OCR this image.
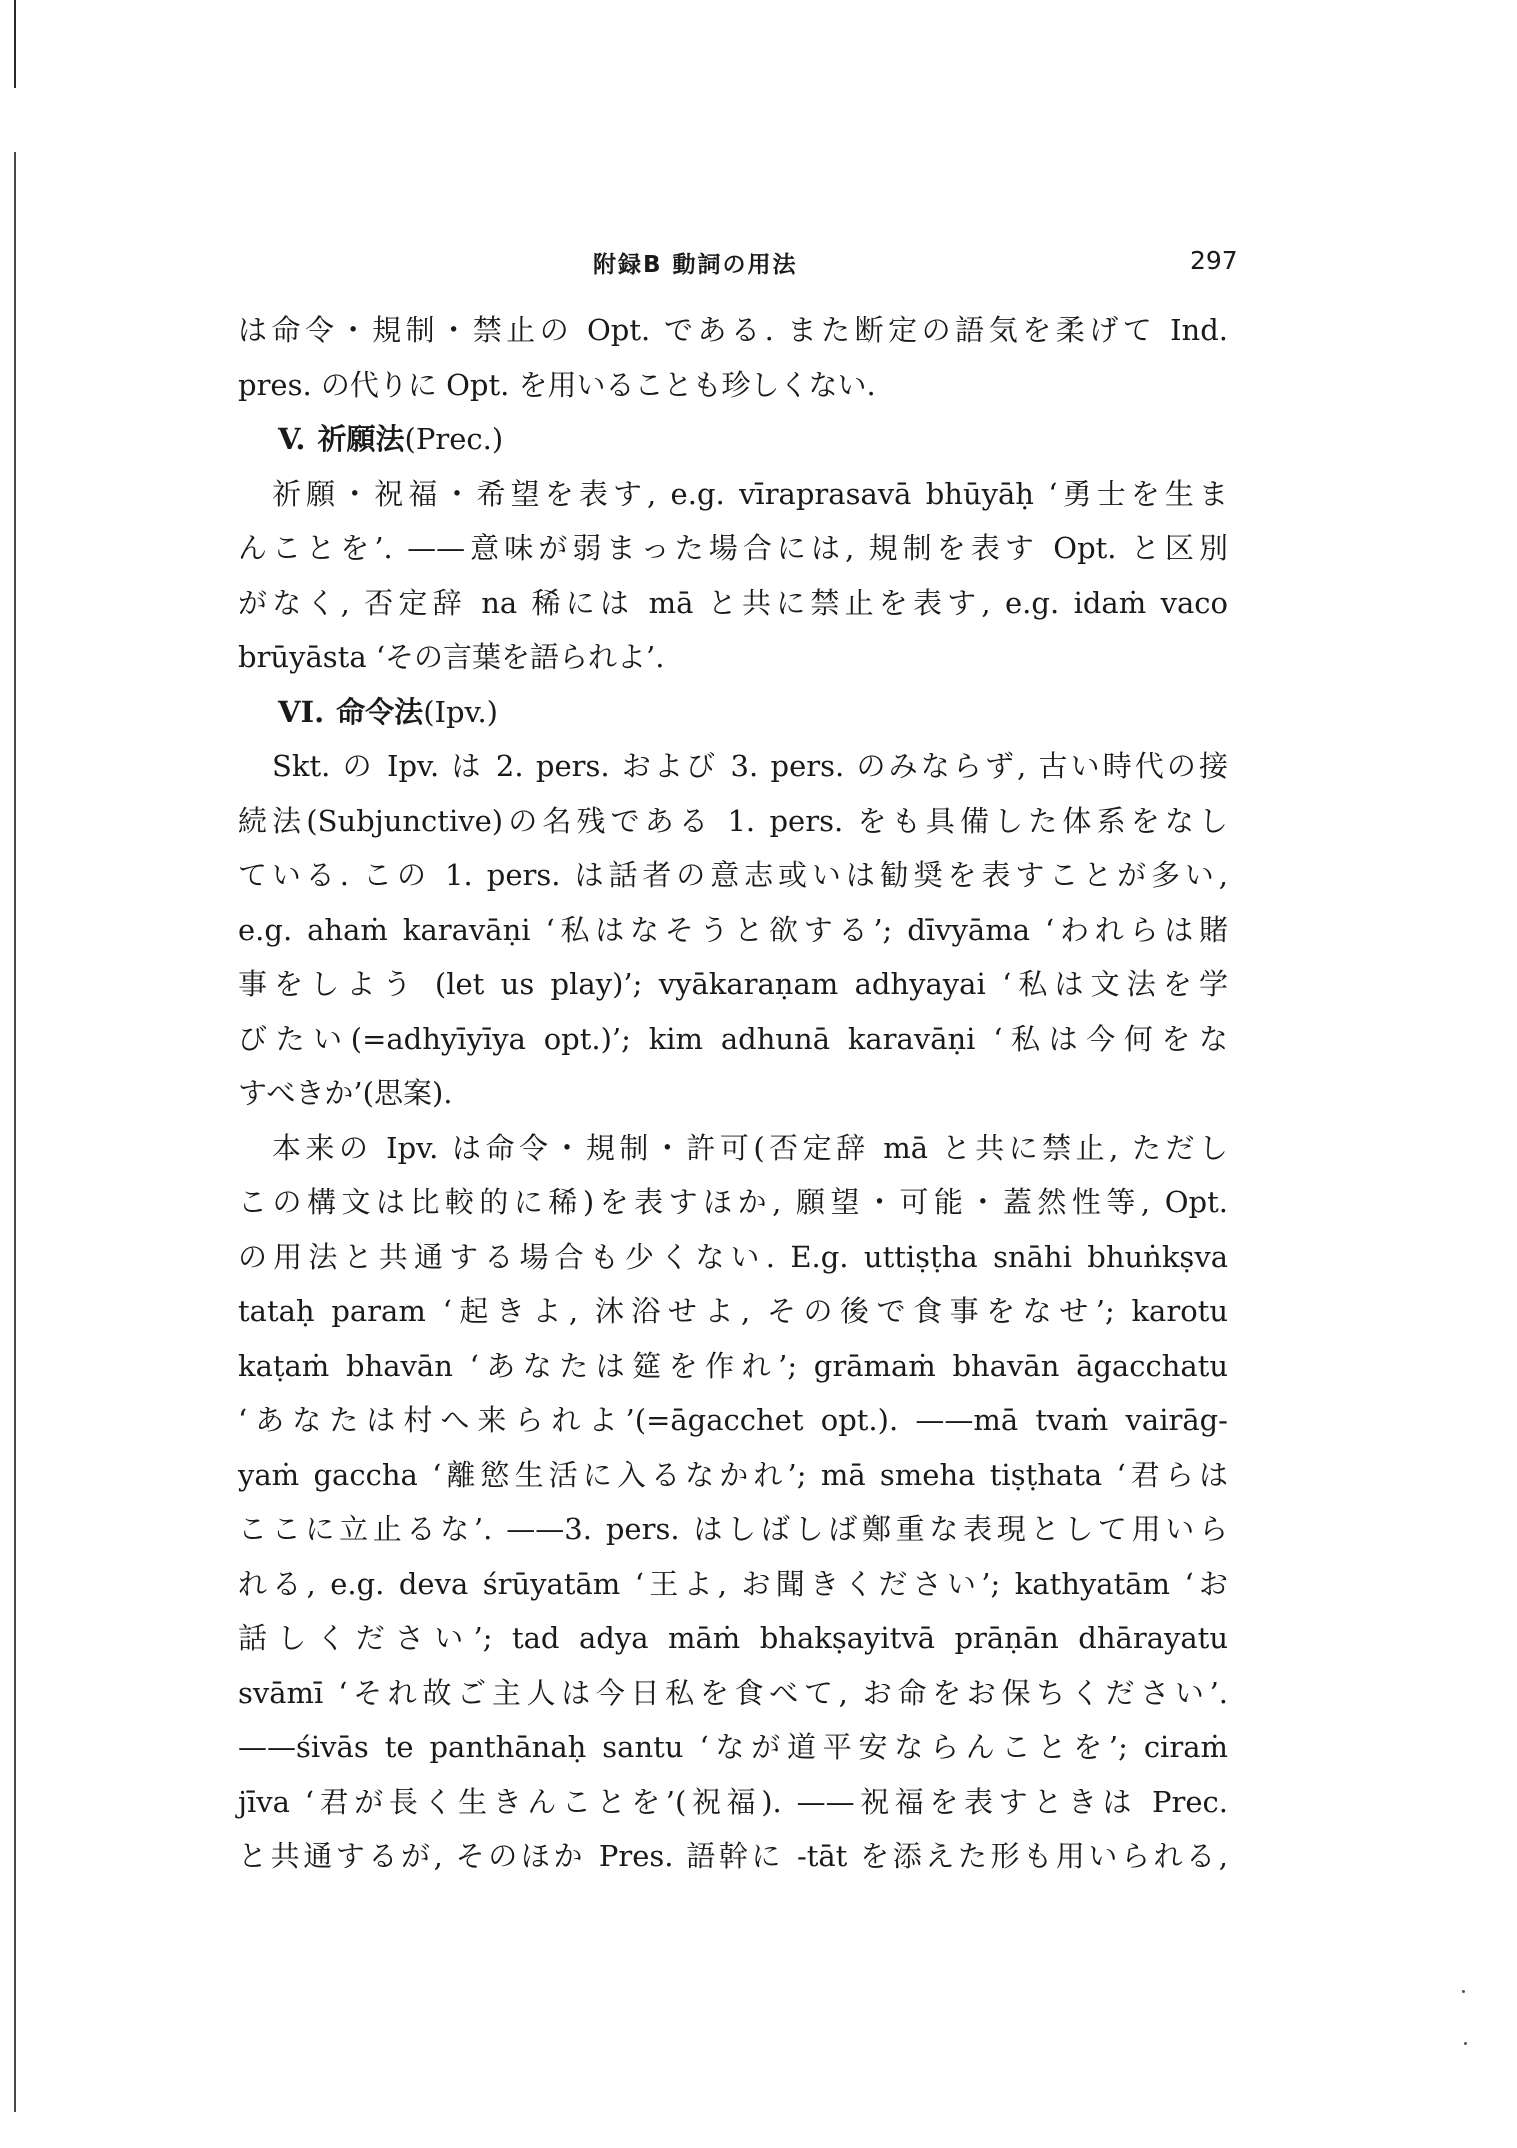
附録B 動詞の用法	297
は命令・規制・禁止の Opt. である. また断定の語気を柔げて Ind.
pres. の代りに Opt. を用いることも珍しくない.
V. 祈願法(Prec.)
祈願・祝福・希望を表す, e.g. vīraprasavā bhūyāḥ ‘勇士を生ま
んことを’. ——意味が弱まった場合には, 規制を表す Opt. と区別
がなく, 否定辞 na 稀には mā と共に禁止を表す, e.g. idaṁ vaco
brūyāsta ‘その言葉を語られよ’.
VI. 命令法(Ipv.)
Skt. の Ipv. は 2. pers. および 3. pers. のみならず, 古い時代の接
続法(Subjunctive)の名残である 1. pers. をも具備した体系をなし
ている. この 1. pers. は話者の意志或いは勧奨を表すことが多い,
e.g. ahaṁ karavāṇi ‘私はなそうと欲する’; dīvyāma ‘われらは賭
事をしよう (let us play)’; vyākaraṇam adhyayai ‘私は文法を学
びたい(=adhyīyīya opt.)’; kim adhunā karavāṇi ‘私は今何をな
すべきか’(思案).
本来の Ipv. は命令・規制・許可(否定辞 mā と共に禁止, ただし
この構文は比較的に稀)を表すほか, 願望・可能・蓋然性等, Opt.
の用法と共通する場合も少くない. E.g. uttiṣṭha snāhi bhuṅkṣva
tataḥ param ‘起きよ, 沐浴せよ, その後で食事をなせ’; karotu
kaṭaṁ bhavān ‘あなたは筵を作れ’; grāmaṁ bhavān āgacchatu
‘あなたは村へ来られよ’(=āgacchet opt.). ——mā tvaṁ vairāg-
yaṁ gaccha ‘離慾生活に入るなかれ’; mā smeha tiṣṭhata ‘君らは
ここに立止るな’. ——3. pers. はしばしば鄭重な表現として用いら
れる, e.g. deva śrūyatām ‘王よ, お聞きください’; kathyatām ‘お
話しください’; tad adya māṁ bhakṣayitvā prāṇān dhārayatu
svāmī ‘それ故ご主人は今日私を食べて, お命をお保ちください’.
——śivās te panthānaḥ santu ‘なが道平安ならんことを’; ciraṁ
jīva ‘君が長く生きんことを’(祝福). ——祝福を表すときは Prec.
と共通するが, そのほか Pres. 語幹に -tāt を添えた形も用いられる,
